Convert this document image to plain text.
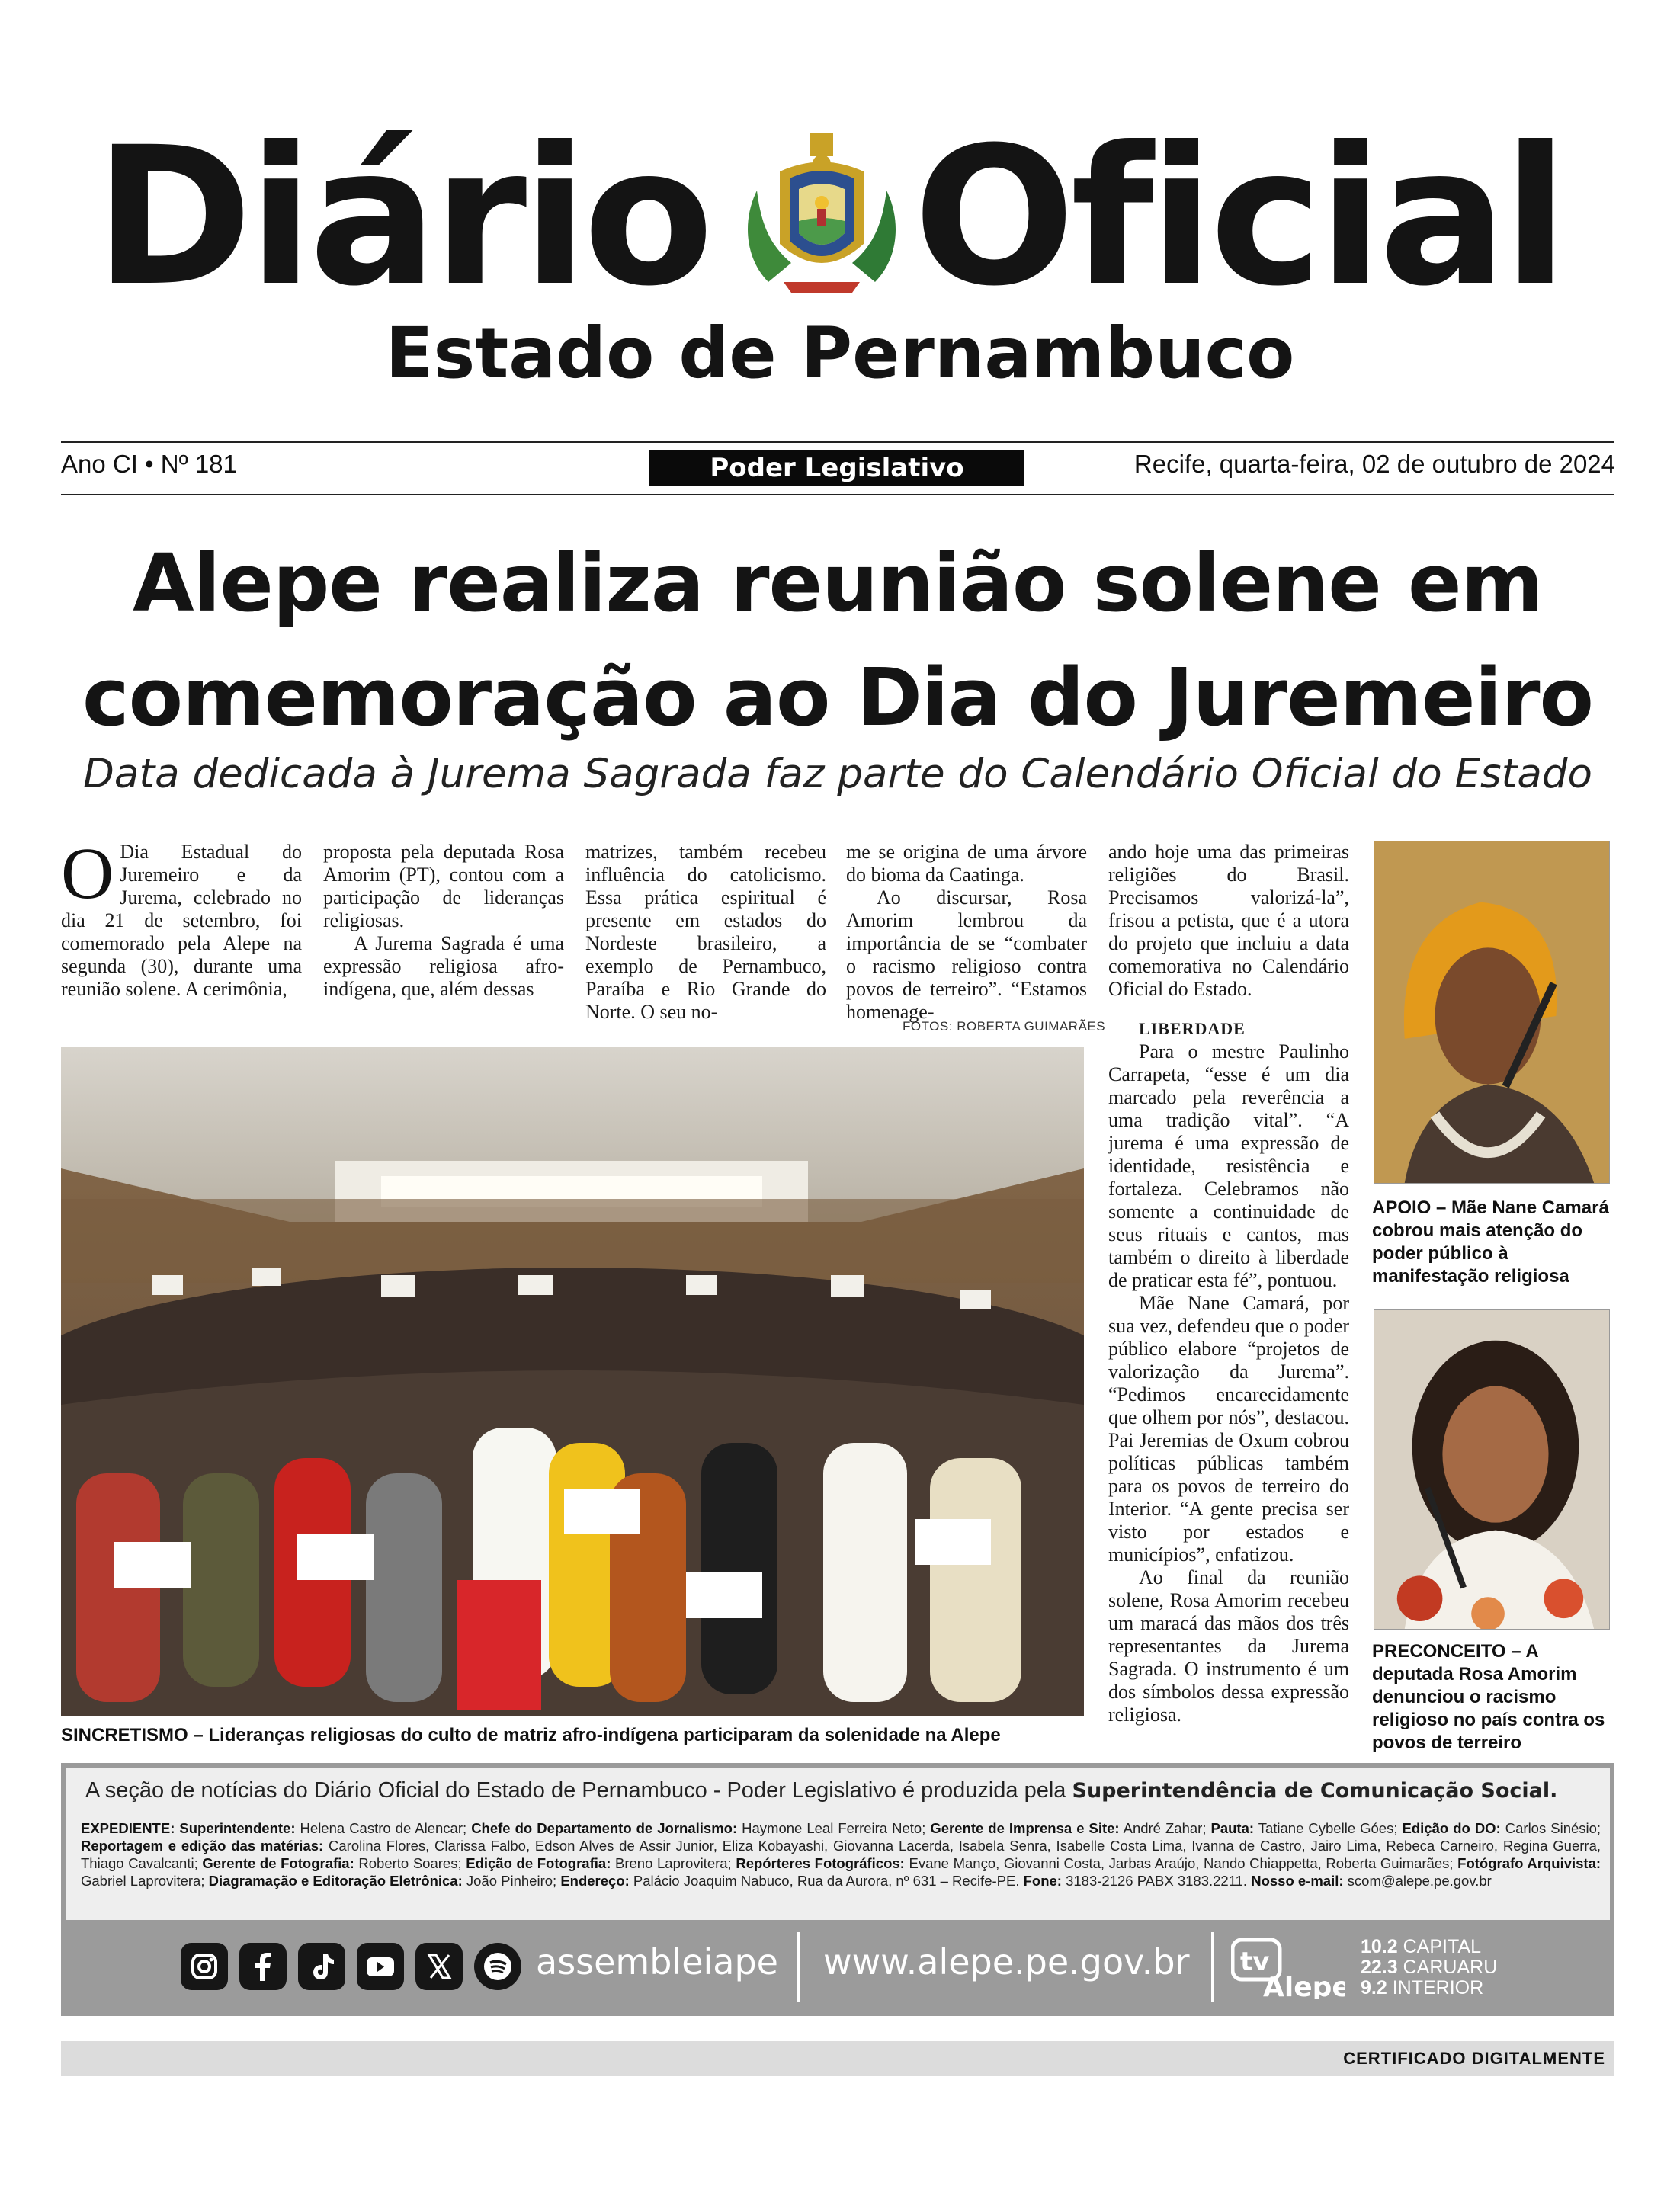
Diário Oficial
Estado de Pernambuco
Ano CI • Nº 181	Poder Legislativo	Recife, quarta-feira, 02 de outubro de 2024
Alepe realiza reunião solene em
comemoração ao Dia do Juremeiro
Data dedicada à Jurema Sagrada faz parte do Calendário Oficial do Estado

O Dia Estadual do Juremeiro e da Jurema, celebrado no dia 21 de setembro, foi comemorado pela Alepe na segunda (30), durante uma reunião solene. A cerimônia,

proposta pela deputada Rosa Amorim (PT), contou com a participação de lideranças religiosas.

A Jurema Sagrada é uma expressão religiosa afro-indígena, que, além dessas

matrizes, também recebeu influência do catolicismo. Essa prática espiritual é presente em estados do Nordeste brasileiro, a exemplo de Pernambuco, Paraíba e Rio Grande do Norte. O seu no-

me se origina de uma árvore do bioma da Caatinga.

Ao discursar, Rosa Amorim lembrou da importância de se “combater o racismo religioso contra povos de terreiro”. “Estamos homenage-

FOTOS: ROBERTA GUIMARÃES

ando hoje uma das primeiras religiões do Brasil. Precisamos valorizá-la”, frisou a petista, que é a utora do projeto que incluiu a data comemorativa no Calendário Oficial do Estado.

LIBERDADE

Para o mestre Paulinho Carrapeta, “esse é um dia marcado pela reverência a uma tradição vital”. “A jurema é uma expressão de identidade, resistência e fortaleza. Celebramos não somente a continuidade de seus rituais e cantos, mas também o direito à liberdade de praticar esta fé”, pontuou.

Mãe Nane Camará, por sua vez, defendeu que o poder público elabore “projetos de valorização da Jurema”. “Pedimos encarecidamente que olhem por nós”, destacou. Pai Jeremias de Oxum cobrou políticas públicas também para os povos de terreiro do Interior. “A gente precisa ser visto por estados e municípios”, enfatizou.

Ao final da reunião solene, Rosa Amorim recebeu um maracá das mãos dos três representantes da Jurema Sagrada. O instrumento é um dos símbolos dessa expressão religiosa.

SINCRETISMO – Lideranças religiosas do culto de matriz afro-indígena participaram da solenidade na Alepe
APOIO – Mãe Nane Camará cobrou mais atenção do poder público à manifestação religiosa
PRECONCEITO – A deputada Rosa Amorim denunciou o racismo religioso no país contra os povos de terreiro
A seção de notícias do Diário Oficial do Estado de Pernambuco - Poder Legislativo é produzida pela Superintendência de Comunicação Social.
EXPEDIENTE: Superintendente: Helena Castro de Alencar; Chefe do Departamento de Jornalismo: Haymone Leal Ferreira Neto; Gerente de Imprensa e Site: André Zahar; Pauta: Tatiane Cybelle Góes; Edição do DO: Carlos Sinésio; Reportagem e edição das matérias: Carolina Flores, Clarissa Falbo, Edson Alves de Assir Junior, Eliza Kobayashi, Giovanna Lacerda, Isabela Senra, Isabelle Costa Lima, Ivanna de Castro, Jairo Lima, Rebeca Carneiro, Regina Guerra, Thiago Cavalcanti; Gerente de Fotografia: Roberto Soares; Edição de Fotografia: Breno Laprovitera; Repórteres Fotográficos: Evane Manço, Giovanni Costa, Jarbas Araújo, Nando Chiappetta, Roberta Guimarães; Fotógrafo Arquivista: Gabriel Laprovitera; Diagramação e Editoração Eletrônica: João Pinheiro; Endereço: Palácio Joaquim Nabuco, Rua da Aurora, nº 631 – Recife-PE. Fone: 3183-2126 PABX 3183.2211. Nosso e-mail: scom@alepe.pe.gov.br
assembleiape www.alepe.pe.gov.br tv
Alepe
10.2 CAPITAL
22.3 CARUARU
9.2 INTERIOR
CERTIFICADO DIGITALMENTE
